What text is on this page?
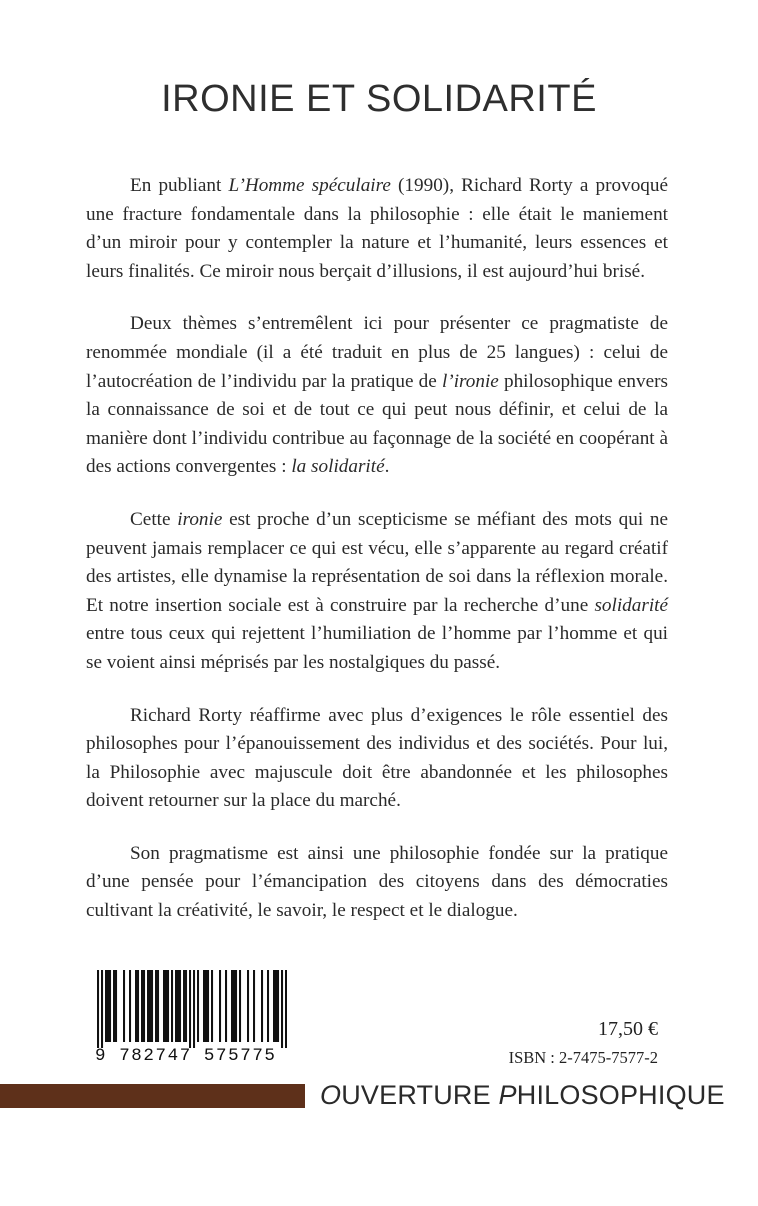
IRONIE ET SOLIDARITÉ

En publiant L’Homme spéculaire (1990), Richard Rorty a provoqué une fracture fondamentale dans la philosophie : elle était le maniement d’un miroir pour y contempler la nature et l’humanité, leurs essences et leurs finalités. Ce miroir nous berçait d’illusions, il est aujourd’hui brisé.

Deux thèmes s’entremêlent ici pour présenter ce pragmatiste de renommée mondiale (il a été traduit en plus de 25 langues) : celui de l’autocréation de l’individu par la pratique de l’ironie philosophique envers la connaissance de soi et de tout ce qui peut nous définir, et celui de la manière dont l’individu contribue au façonnage de la société en coopérant à des actions convergentes : la solidarité.

Cette ironie est proche d’un scepticisme se méfiant des mots qui ne peuvent jamais remplacer ce qui est vécu, elle s’apparente au regard créatif des artistes, elle dynamise la représentation de soi dans la réflexion morale. Et notre insertion sociale est à construire par la recherche d’une solidarité entre tous ceux qui rejettent l’humiliation de l’homme par l’homme et qui se voient ainsi méprisés par les nostalgiques du passé.

Richard Rorty réaffirme avec plus d’exigences le rôle essentiel des philosophes pour l’épanouissement des individus et des sociétés. Pour lui, la Philosophie avec majuscule doit être abandonnée et les philosophes doivent retourner sur la place du marché.

Son pragmatisme est ainsi une philosophie fondée sur la pratique d’une pensée pour l’émancipation des citoyens dans des démocraties cultivant la créativité, le savoir, le respect et le dialogue.

9 782747 575775
17,50 €
ISBN : 2-7475-7577-2
OUVERTURE PHILOSOPHIQUE
